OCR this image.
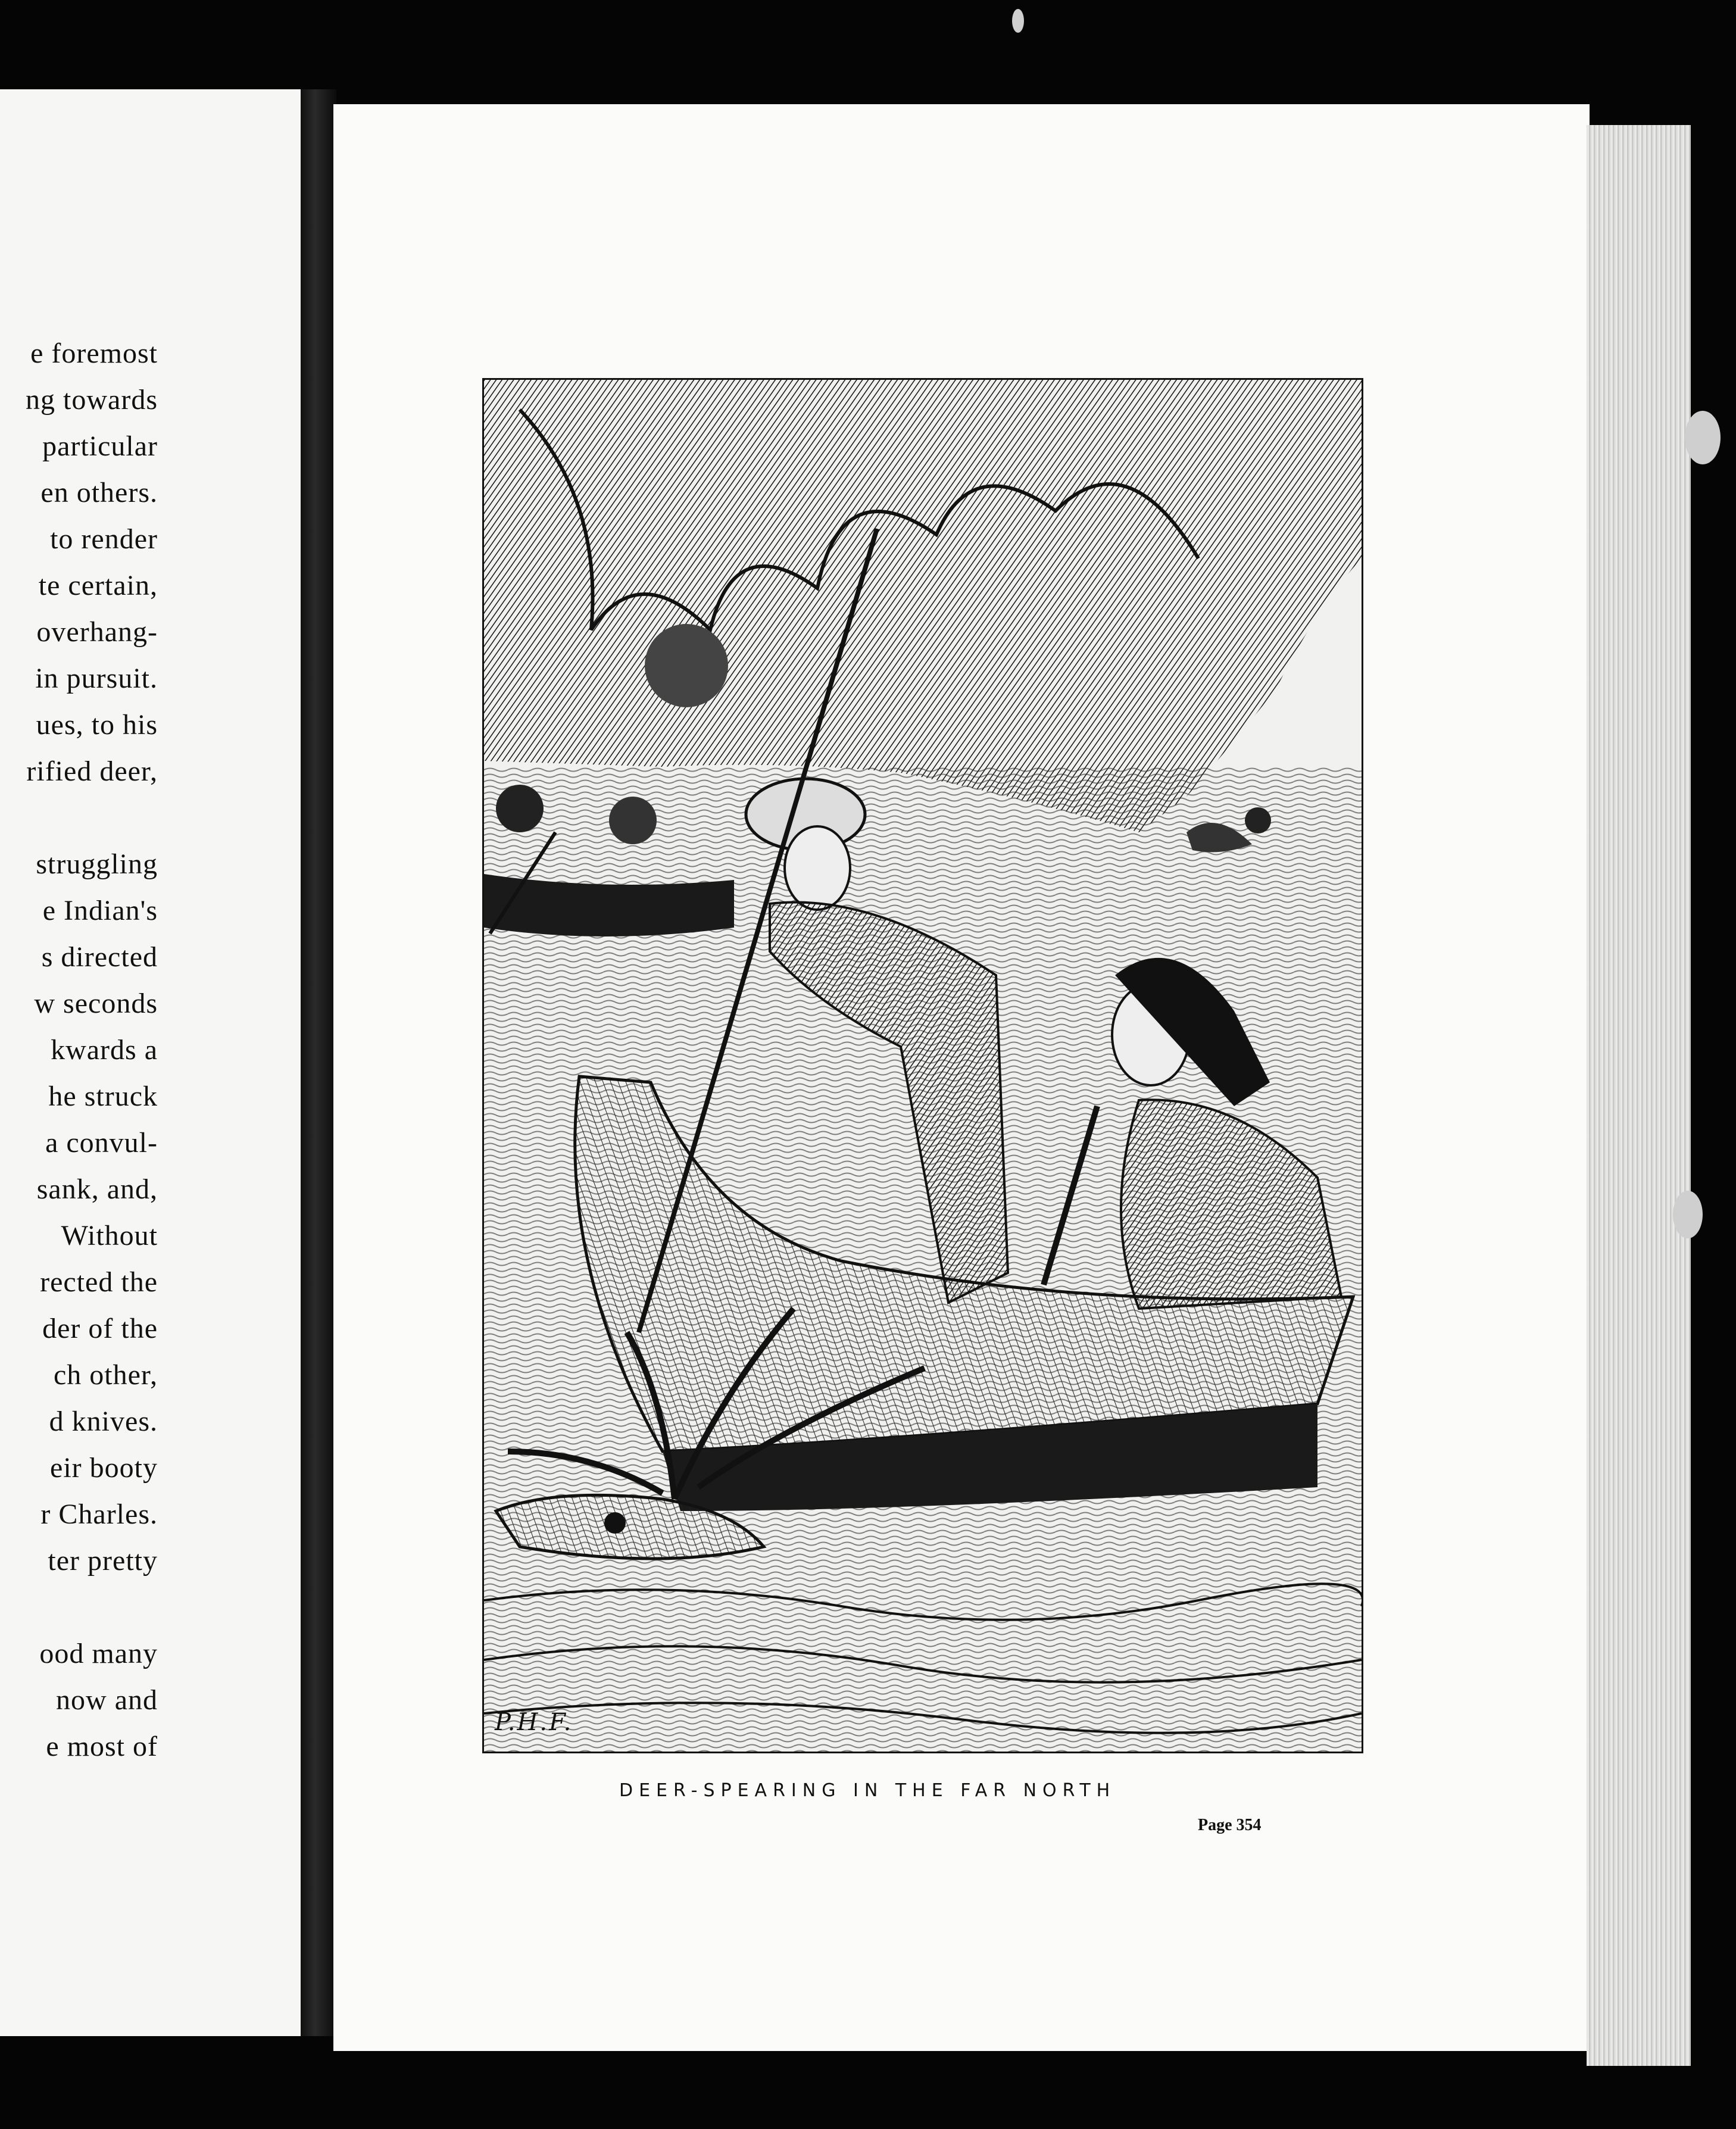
e foremost
ng towards
particular
en others.
to render
te certain,
overhang-
in pursuit.
ues, to his
rified deer,
struggling
e Indian's
s directed
w seconds
kwards a
he struck
a convul-
sank, and,
Without
rected the
der of the
ch other,
d knives.
eir booty
r Charles.
ter pretty
ood many
now and
e most of
P.H.F.
DEER-SPEARING IN THE FAR NORTH
Page 354
